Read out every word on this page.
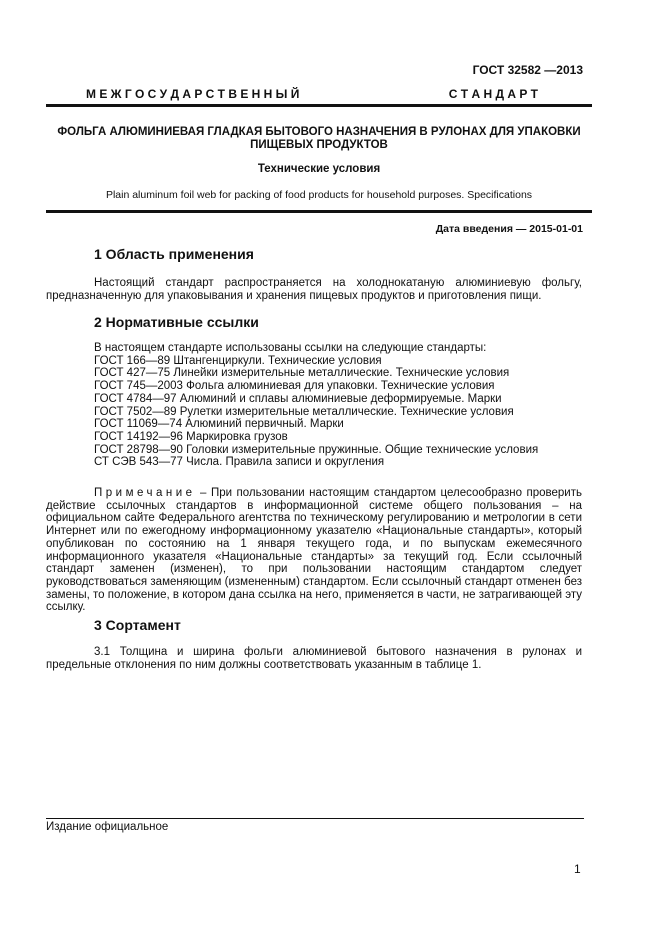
ГОСТ 32582 —2013
М Е Ж Г О С У Д А Р С Т В Е Н Н Ы Й	С Т А Н Д А Р Т
ФОЛЬГА АЛЮМИНИЕВАЯ ГЛАДКАЯ БЫТОВОГО НАЗНАЧЕНИЯ В РУЛОНАХ ДЛЯ УПАКОВКИ
ПИЩЕВЫХ ПРОДУКТОВ
Технические условия
Plain aluminum foil web for packing of food products for household purposes. Specifications
Дата введения — 2015-01-01
1 Область применения
Настоящий стандарт распространяется на холоднокатаную алюминиевую фольгу, предназначенную для упаковывания и хранения пищевых продуктов и приготовления пищи.
2 Нормативные ссылки
В настоящем стандарте использованы ссылки на следующие стандарты:
ГОСТ 166—89 Штангенциркули. Технические условия
ГОСТ 427—75 Линейки измерительные металлические. Технические условия
ГОСТ 745—2003 Фольга алюминиевая для упаковки. Технические условия
ГОСТ 4784—97 Алюминий и сплавы алюминиевые деформируемые. Марки
ГОСТ 7502—89 Рулетки измерительные металлические. Технические условия
ГОСТ 11069—74 Алюминий первичный. Марки
ГОСТ 14192—96 Маркировка грузов
ГОСТ 28798—90 Головки измерительные пружинные. Общие технические условия
СТ СЭВ 543—77 Числа. Правила записи и округления
Примечание – При пользовании настоящим стандартом целесообразно проверить действие ссылочных стандартов в информационной системе общего пользования – на официальном сайте Федерального агентства по техническому регулированию и метрологии в сети Интернет или по ежегодному информационному указателю «Национальные стандарты», который опубликован по состоянию на 1 января текущего года, и по выпускам ежемесячного информационного указателя «Национальные стандарты» за текущий год. Если ссылочный стандарт заменен (изменен), то при пользовании настоящим стандартом следует руководствоваться заменяющим (измененным) стандартом. Если ссылочный стандарт отменен без замены, то положение, в котором дана ссылка на него, применяется в части, не затрагивающей эту ссылку.
3 Сортамент
3.1 Толщина и ширина фольги алюминиевой бытового назначения в рулонах и предельные отклонения по ним должны соответствовать указанным в таблице 1.
Издание официальное
1
